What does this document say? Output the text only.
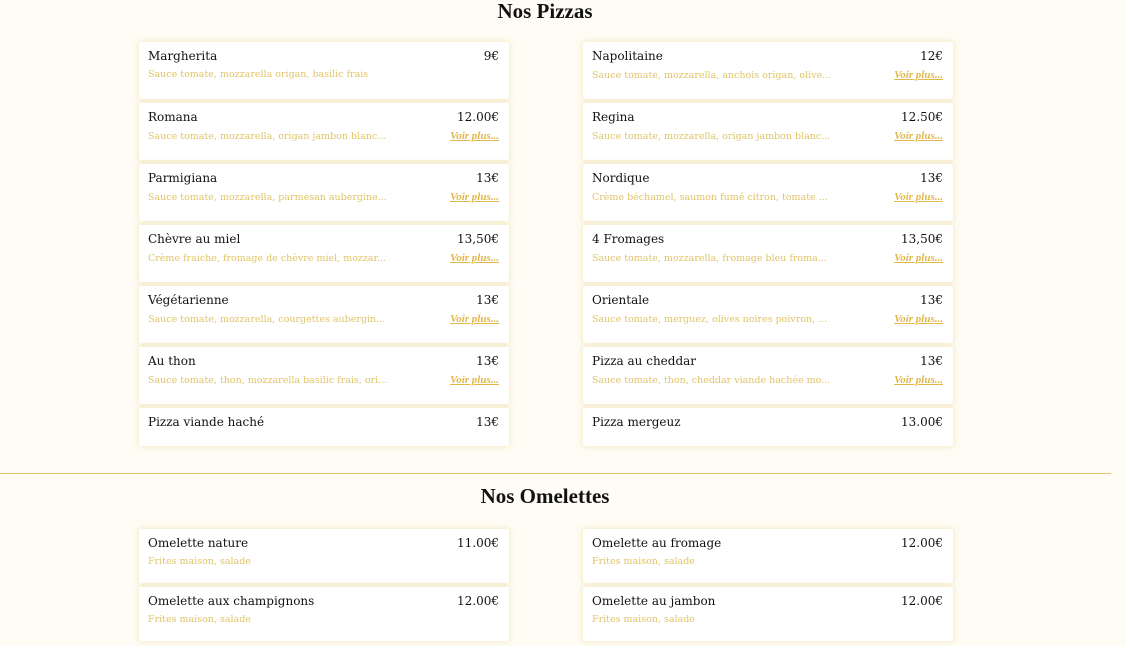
Nos Pizzas
Margherita	9€
Sauce tomate, mozzarella origan, basilic frais
Romana	12.00€
Sauce tomate, mozzarella, origan jambon blanc...	Voir plus...
Parmigiana	13€
Sauce tomate, mozzarella, parmesan aubergine...	Voir plus...
Chèvre au miel	13,50€
Crème fraiche, fromage de chèvre miel, mozzar...	Voir plus...
Végétarienne	13€
Sauce tomate, mozzarella, courgettes aubergin...	Voir plus...
Au thon	13€
Sauce tomate, thon, mozzarella basilic frais, ori...	Voir plus...
Pizza viande haché	13€
Napolitaine	12€
Sauce tomate, mozzarella, anchois origan, olive...	Voir plus...
Regina	12.50€
Sauce tomate, mozzarella, origan jambon blanc...	Voir plus...
Nordique	13€
Crème béchamel, saumon fumé citron, tomate ...	Voir plus...
4 Fromages	13,50€
Sauce tomate, mozzarella, fromage bleu froma...	Voir plus...
Orientale	13€
Sauce tomate, merguez, olives noires poivron, ...	Voir plus...
Pizza au cheddar	13€
Sauce tomate, thon, cheddar viande hachée mo...	Voir plus...
Pizza mergeuz	13.00€
Nos Omelettes
Omelette nature	11.00€
Frites maison, salade
Omelette aux champignons	12.00€
Frites maison, salade
Omelette au fromage	12.00€
Frites maison, salade
Omelette au jambon	12.00€
Frites maison, salade
